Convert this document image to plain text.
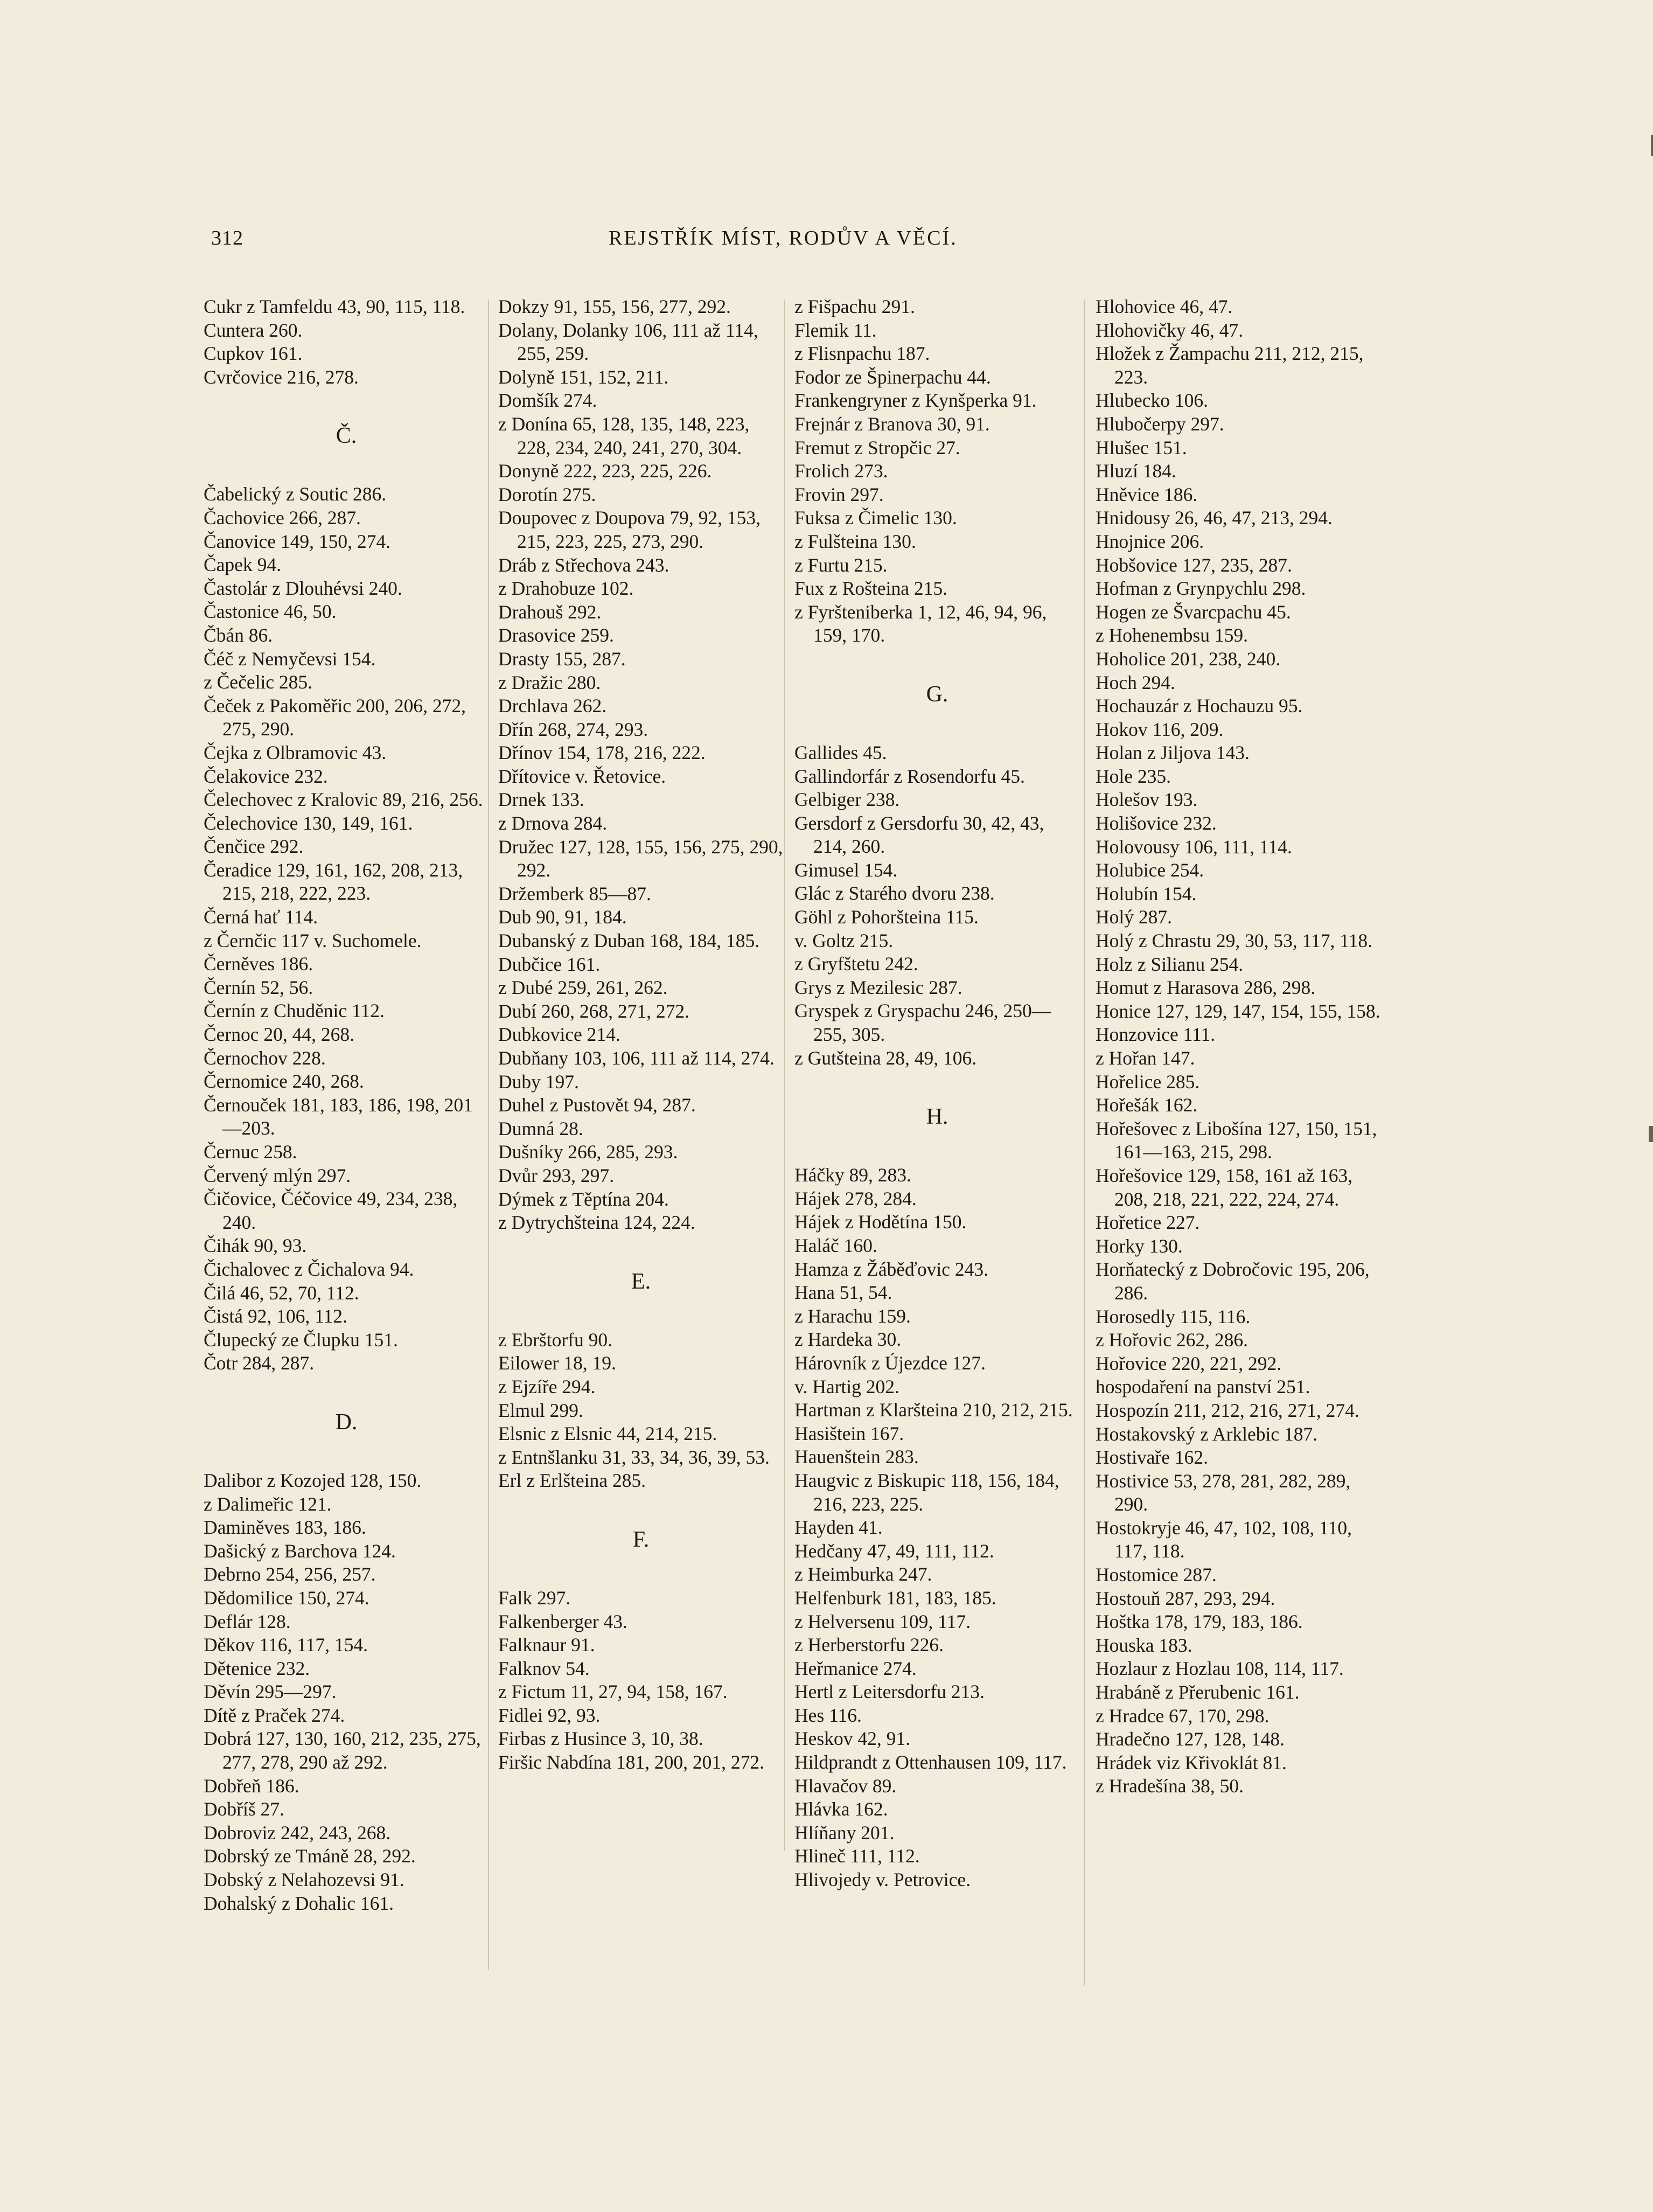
312	REJSTŘÍK MÍST, RODŮV A VĚCÍ.
Cukr z Tamfeldu 43, 90, 115, 118.
Cuntera 260.
Cupkov 161.
Cvrčovice 216, 278.
Č.
Čabelický z Soutic 286.
Čachovice 266, 287.
Čanovice 149, 150, 274.
Čapek 94.
Častolár z Dlouhévsi 240.
Častonice 46, 50.
Čbán 86.
Čéč z Nemyčevsi 154.
z Čečelic 285.
Čeček z Pakoměřic 200, 206, 272, 275, 290.
Čejka z Olbramovic 43.
Čelakovice 232.
Čelechovec z Kralovic 89, 216, 256.
Čelechovice 130, 149, 161.
Čenčice 292.
Čeradice 129, 161, 162, 208, 213, 215, 218, 222, 223.
Černá hať 114.
z Černčic 117 v. Suchomele.
Černěves 186.
Černín 52, 56.
Černín z Chuděnic 112.
Černoc 20, 44, 268.
Černochov 228.
Černomice 240, 268.
Černouček 181, 183, 186, 198, 201—203.
Černuc 258.
Červený mlýn 297.
Čičovice, Čéčovice 49, 234, 238, 240.
Čihák 90, 93.
Čichalovec z Čichalova 94.
Čilá 46, 52, 70, 112.
Čistá 92, 106, 112.
Člupecký ze Člupku 151.
Čotr 284, 287.
D.
Dalibor z Kozojed 128, 150.
z Dalimeřic 121.
Daminěves 183, 186.
Dašický z Barchova 124.
Debrno 254, 256, 257.
Dědomilice 150, 274.
Deflár 128.
Děkov 116, 117, 154.
Dětenice 232.
Děvín 295—297.
Dítě z Praček 274.
Dobrá 127, 130, 160, 212, 235, 275, 277, 278, 290 až 292.
Dobřeň 186.
Dobříš 27.
Dobroviz 242, 243, 268.
Dobrský ze Tmáně 28, 292.
Dobský z Nelahozevsi 91.
Dohalský z Dohalic 161.
Dokzy 91, 155, 156, 277, 292.
Dolany, Dolanky 106, 111 až 114, 255, 259.
Dolyně 151, 152, 211.
Domšík 274.
z Donína 65, 128, 135, 148, 223, 228, 234, 240, 241, 270, 304.
Donyně 222, 223, 225, 226.
Dorotín 275.
Doupovec z Doupova 79, 92, 153, 215, 223, 225, 273, 290.
Dráb z Střechova 243.
z Drahobuze 102.
Drahouš 292.
Drasovice 259.
Drasty 155, 287.
z Dražic 280.
Drchlava 262.
Dřín 268, 274, 293.
Dřínov 154, 178, 216, 222.
Dřítovice v. Řetovice.
Drnek 133.
z Drnova 284.
Družec 127, 128, 155, 156, 275, 290, 292.
Držemberk 85—87.
Dub 90, 91, 184.
Dubanský z Duban 168, 184, 185.
Dubčice 161.
z Dubé 259, 261, 262.
Dubí 260, 268, 271, 272.
Dubkovice 214.
Dubňany 103, 106, 111 až 114, 274.
Duby 197.
Duhel z Pustovět 94, 287.
Dumná 28.
Dušníky 266, 285, 293.
Dvůr 293, 297.
Dýmek z Těptína 204.
z Dytrychšteina 124, 224.
E.
z Ebrštorfu 90.
Eilower 18, 19.
z Ejzíře 294.
Elmul 299.
Elsnic z Elsnic 44, 214, 215.
z Entnšlanku 31, 33, 34, 36, 39, 53.
Erl z Erlšteina 285.
F.
Falk 297.
Falkenberger 43.
Falknaur 91.
Falknov 54.
z Fictum 11, 27, 94, 158, 167.
Fidlei 92, 93.
Firbas z Husince 3, 10, 38.
Firšic Nabdína 181, 200, 201, 272.
z Fišpachu 291.
Flemik 11.
z Flisnpachu 187.
Fodor ze Špinerpachu 44.
Frankengryner z Kynšperka 91.
Frejnár z Branova 30, 91.
Fremut z Stropčic 27.
Frolich 273.
Frovin 297.
Fuksa z Čimelic 130.
z Fulšteina 130.
z Furtu 215.
Fux z Rošteina 215.
z Fyršteniberka 1, 12, 46, 94, 96, 159, 170.
G.
Gallides 45.
Gallindorfár z Rosendorfu 45.
Gelbiger 238.
Gersdorf z Gersdorfu 30, 42, 43, 214, 260.
Gimusel 154.
Glác z Starého dvoru 238.
Göhl z Pohoršteina 115.
v. Goltz 215.
z Gryfštetu 242.
Grys z Mezilesic 287.
Gryspek z Gryspachu 246, 250—255, 305.
z Gutšteina 28, 49, 106.
H.
Háčky 89, 283.
Hájek 278, 284.
Hájek z Hodětína 150.
Haláč 160.
Hamza z Žáběďovic 243.
Hana 51, 54.
z Harachu 159.
z Hardeka 30.
Hárovník z Újezdce 127.
v. Hartig 202.
Hartman z Klaršteina 210, 212, 215.
Hasištein 167.
Hauenštein 283.
Haugvic z Biskupic 118, 156, 184, 216, 223, 225.
Hayden 41.
Hedčany 47, 49, 111, 112.
z Heimburka 247.
Helfenburk 181, 183, 185.
z Helversenu 109, 117.
z Herberstorfu 226.
Heřmanice 274.
Hertl z Leitersdorfu 213.
Hes 116.
Heskov 42, 91.
Hildprandt z Ottenhausen 109, 117.
Hlavačov 89.
Hlávka 162.
Hlíňany 201.
Hlineč 111, 112.
Hlivojedy v. Petrovice.
Hlohovice 46, 47.
Hlohovičky 46, 47.
Hložek z Žampachu 211, 212, 215, 223.
Hlubecko 106.
Hlubočerpy 297.
Hlušec 151.
Hluzí 184.
Hněvice 186.
Hnidousy 26, 46, 47, 213, 294.
Hnojnice 206.
Hobšovice 127, 235, 287.
Hofman z Grynpychlu 298.
Hogen ze Švarcpachu 45.
z Hohenembsu 159.
Hoholice 201, 238, 240.
Hoch 294.
Hochauzár z Hochauzu 95.
Hokov 116, 209.
Holan z Jiljova 143.
Hole 235.
Holešov 193.
Holišovice 232.
Holovousy 106, 111, 114.
Holubice 254.
Holubín 154.
Holý 287.
Holý z Chrastu 29, 30, 53, 117, 118.
Holz z Silianu 254.
Homut z Harasova 286, 298.
Honice 127, 129, 147, 154, 155, 158.
Honzovice 111.
z Hořan 147.
Hořelice 285.
Hořešák 162.
Hořešovec z Libošína 127, 150, 151, 161—163, 215, 298.
Hořešovice 129, 158, 161 až 163, 208, 218, 221, 222, 224, 274.
Hořetice 227.
Horky 130.
Horňatecký z Dobročovic 195, 206, 286.
Horosedly 115, 116.
z Hořovic 262, 286.
Hořovice 220, 221, 292.
hospodaření na panství 251.
Hospozín 211, 212, 216, 271, 274.
Hostakovský z Arklebic 187.
Hostivaře 162.
Hostivice 53, 278, 281, 282, 289, 290.
Hostokryje 46, 47, 102, 108, 110, 117, 118.
Hostomice 287.
Hostouň 287, 293, 294.
Hoštka 178, 179, 183, 186.
Houska 183.
Hozlaur z Hozlau 108, 114, 117.
Hrabáně z Přerubenic 161.
z Hradce 67, 170, 298.
Hradečno 127, 128, 148.
Hrádek viz Křivoklát 81.
z Hradešína 38, 50.
